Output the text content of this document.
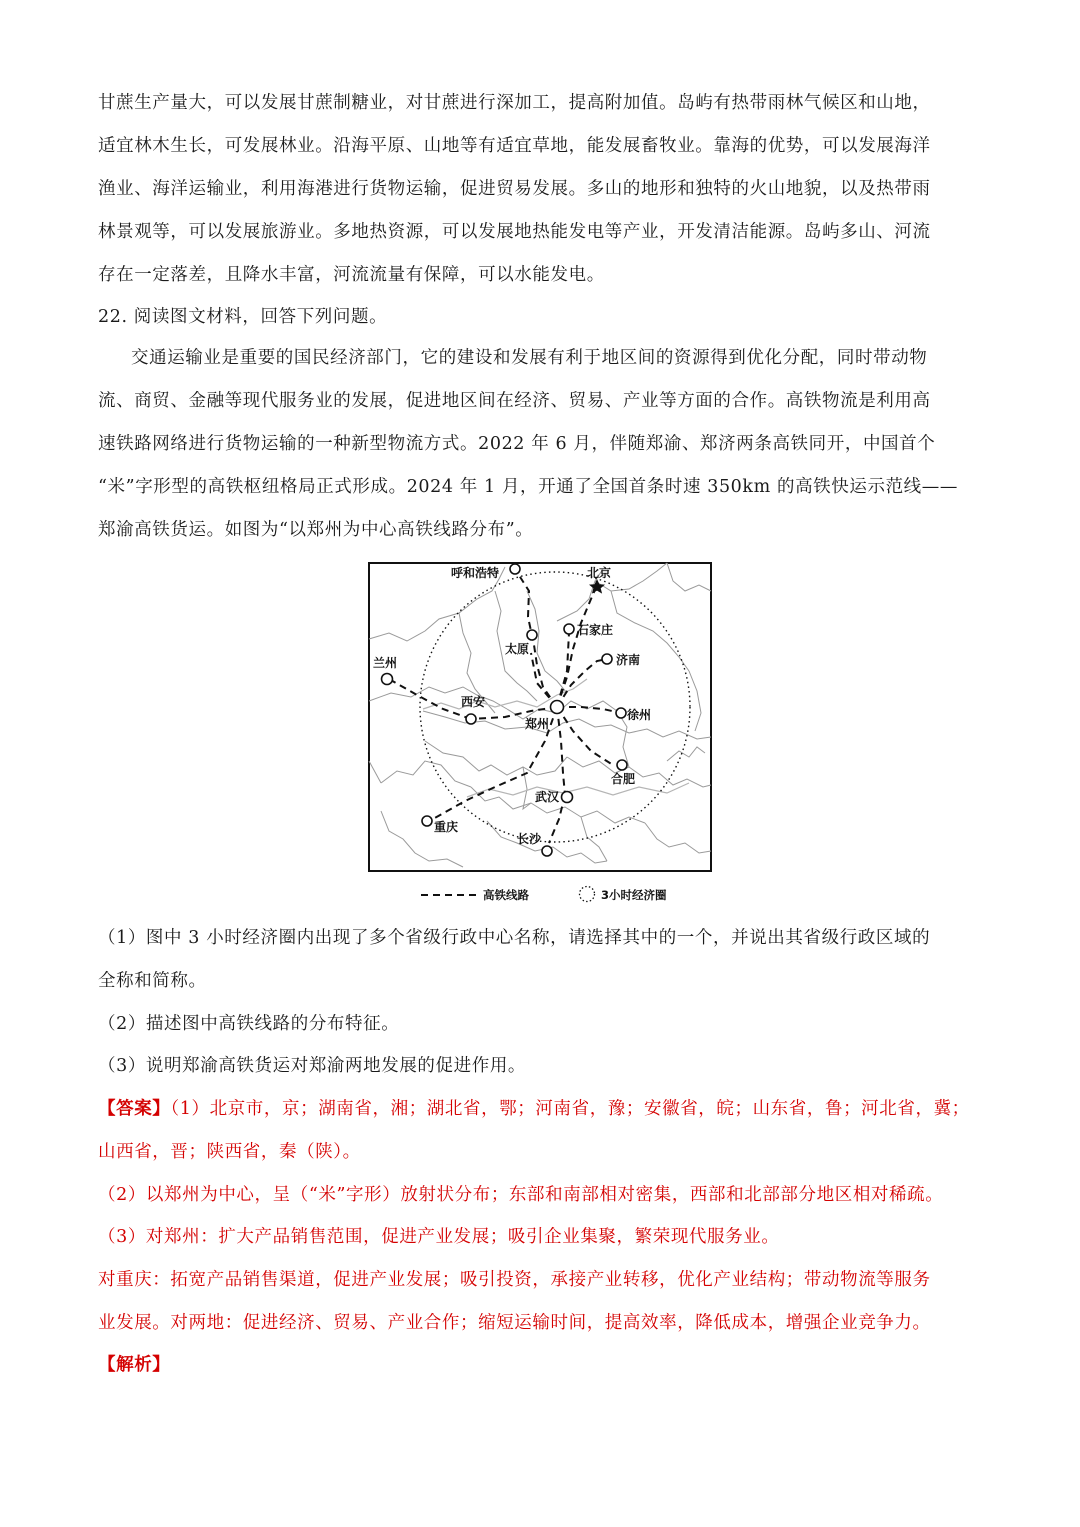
甘蔗生产量大，可以发展甘蔗制糖业，对甘蔗进行深加工，提高附加值。岛屿有热带雨林气候区和山地，
适宜林木生长，可发展林业。沿海平原、山地等有适宜草地，能发展畜牧业。靠海的优势，可以发展海洋
渔业、海洋运输业，利用海港进行货物运输，促进贸易发展。多山的地形和独特的火山地貌，以及热带雨
林景观等，可以发展旅游业。多地热资源，可以发展地热能发电等产业，开发清洁能源。岛屿多山、河流
存在一定落差，且降水丰富，河流流量有保障，可以水能发电。
22. 阅读图文材料，回答下列问题。
交通运输业是重要的国民经济部门，它的建设和发展有利于地区间的资源得到优化分配，同时带动物
流、商贸、金融等现代服务业的发展，促进地区间在经济、贸易、产业等方面的合作。高铁物流是利用高
速铁路网络进行货物运输的一种新型物流方式。2022 年 6 月，伴随郑渝、郑济两条高铁同开，中国首个
“米”字形型的高铁枢纽格局正式形成。2024 年 1 月，开通了全国首条时速 350km 的高铁快运示范线——
郑渝高铁货运。如图为“以郑州为中心高铁线路分布”。
呼和浩特	北京
太原
石家庄
济南
兰州
西安
郑州
徐州
合肥
武汉
重庆
长沙
高铁线路	3小时经济圈
（1）图中 3 小时经济圈内出现了多个省级行政中心名称，请选择其中的一个，并说出其省级行政区域的
全称和简称。
（2）描述图中高铁线路的分布特征。
（3）说明郑渝高铁货运对郑渝两地发展的促进作用。
【答案】（1）北京市，京；湖南省，湘；湖北省，鄂；河南省，豫；安徽省，皖；山东省，鲁；河北省，冀；
山西省，晋；陕西省，秦（陕）。
（2）以郑州为中心，呈（“米”字形）放射状分布；东部和南部相对密集，西部和北部部分地区相对稀疏。
（3）对郑州：扩大产品销售范围，促进产业发展；吸引企业集聚，繁荣现代服务业。
对重庆：拓宽产品销售渠道，促进产业发展；吸引投资，承接产业转移，优化产业结构；带动物流等服务
业发展。对两地：促进经济、贸易、产业合作；缩短运输时间，提高效率，降低成本，增强企业竞争力。
【解析】
